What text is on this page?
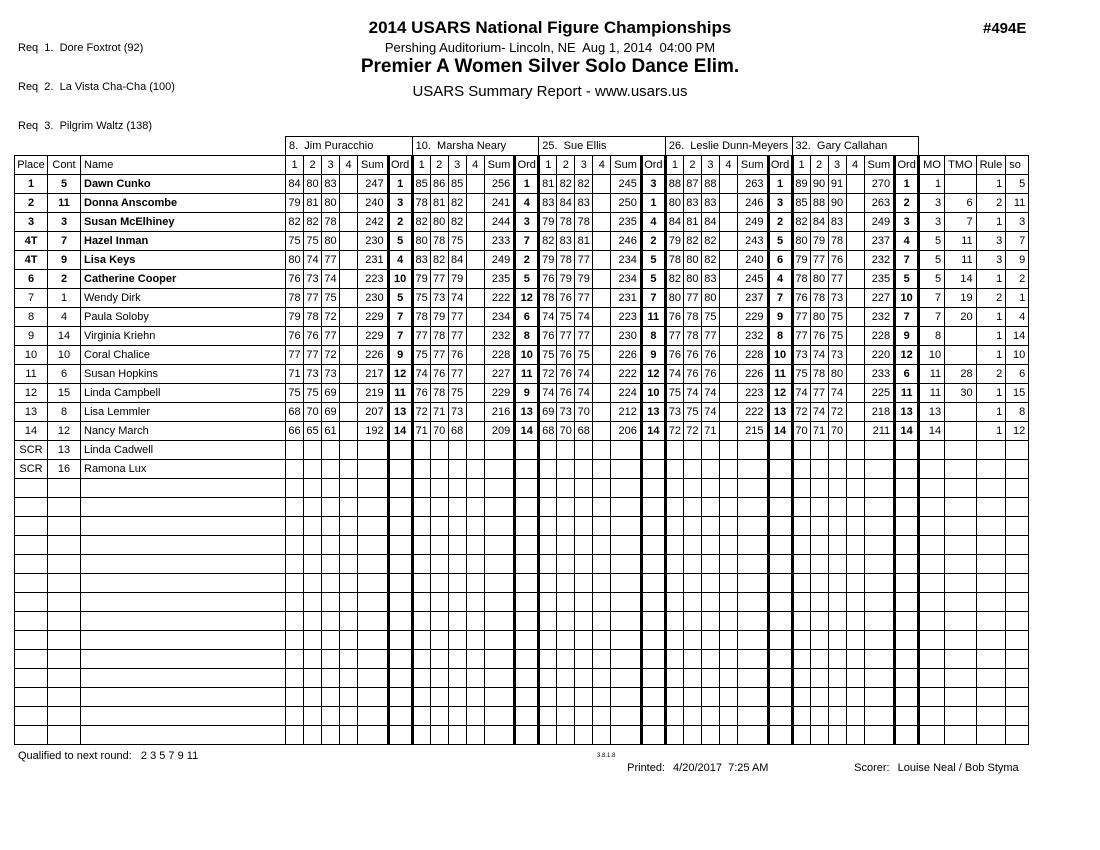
Req  1.  Dore Foxtrot (92)

Req  2.  La Vista Cha-Cha (100)

Req  3.  Pilgrim Waltz (138)

2014 USARS National Figure Championships	#494E
Pershing Auditorium- Lincoln, NE  Aug 1, 2014  04:00 PM
Premier A Women Silver Solo Dance Elim.
USARS Summary Report - www.usars.us
			8.  Jim Puracchio						10.  Marsha Neary						25.  Sue Ellis						26.  Leslie Dunn-Meyers						32.  Gary Callahan									
Place	Cont	Name	1	2	3	4	Sum	Ord	1	2	3	4	Sum	Ord	1	2	3	4	Sum	Ord	1	2	3	4	Sum	Ord	1	2	3	4	Sum	Ord	MO	TMO	Rule	so
1	5	Dawn Cunko	84	80	83		247	1	85	86	85		256	1	81	82	82		245	3	88	87	88		263	1	89	90	91		270	1	1		1	5
2	11	Donna Anscombe	79	81	80		240	3	78	81	82		241	4	83	84	83		250	1	80	83	83		246	3	85	88	90		263	2	3	6	2	11
3	3	Susan McElhiney	82	82	78		242	2	82	80	82		244	3	79	78	78		235	4	84	81	84		249	2	82	84	83		249	3	3	7	1	3
4T	7	Hazel Inman	75	75	80		230	5	80	78	75		233	7	82	83	81		246	2	79	82	82		243	5	80	79	78		237	4	5	11	3	7
4T	9	Lisa Keys	80	74	77		231	4	83	82	84		249	2	79	78	77		234	5	78	80	82		240	6	79	77	76		232	7	5	11	3	9
6	2	Catherine Cooper	76	73	74		223	10	79	77	79		235	5	76	79	79		234	5	82	80	83		245	4	78	80	77		235	5	5	14	1	2
7	1	Wendy Dirk	78	77	75		230	5	75	73	74		222	12	78	76	77		231	7	80	77	80		237	7	76	78	73		227	10	7	19	2	1
8	4	Paula Soloby	79	78	72		229	7	78	79	77		234	6	74	75	74		223	11	76	78	75		229	9	77	80	75		232	7	7	20	1	4
9	14	Virginia Kriehn	76	76	77		229	7	77	78	77		232	8	76	77	77		230	8	77	78	77		232	8	77	76	75		228	9	8		1	14
10	10	Coral Chalice	77	77	72		226	9	75	77	76		228	10	75	76	75		226	9	76	76	76		228	10	73	74	73		220	12	10		1	10
11	6	Susan Hopkins	71	73	73		217	12	74	76	77		227	11	72	76	74		222	12	74	76	76		226	11	75	78	80		233	6	11	28	2	6
12	15	Linda Campbell	75	75	69		219	11	76	78	75		229	9	74	76	74		224	10	75	74	74		223	12	74	77	74		225	11	11	30	1	15
13	8	Lisa Lemmler	68	70	69		207	13	72	71	73		216	13	69	73	70		212	13	73	75	74		222	13	72	74	72		218	13	13		1	8
14	12	Nancy March	66	65	61		192	14	71	70	68		209	14	68	70	68		206	14	72	72	71		215	14	70	71	70		211	14	14		1	12
SCR	13	Linda Cadwell																																		
SCR	16	Ramona Lux																																		

Qualified to next round:   2 3 5 7 9 11	3.8.1.8

Printed: 4/20/2017  7:25 AM	Scorer: Louise Neal / Bob Styma
